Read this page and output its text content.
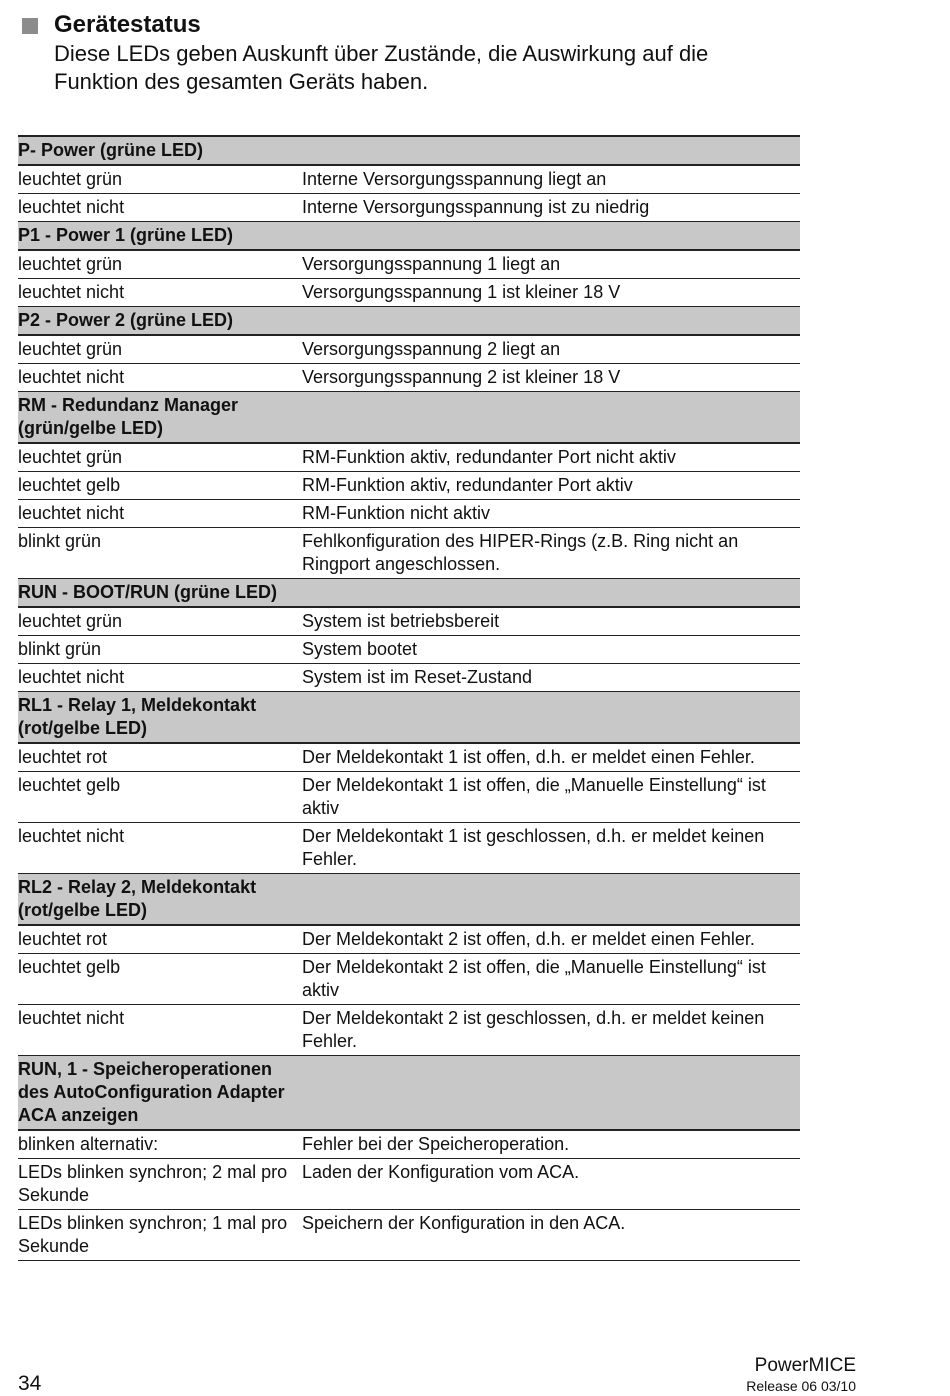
Gerätestatus

Diese LEDs geben Auskunft über Zustände, die Auswirkung auf die
Funktion des gesamten Geräts haben.

P- Power (grüne LED)	
leuchtet grün	Interne Versorgungsspannung liegt an
leuchtet nicht	Interne Versorgungsspannung ist zu niedrig
P1 - Power 1 (grüne LED)	
leuchtet grün	Versorgungsspannung 1 liegt an
leuchtet nicht	Versorgungsspannung 1 ist kleiner 18 V
P2 - Power 2 (grüne LED)	
leuchtet grün	Versorgungsspannung 2 liegt an
leuchtet nicht	Versorgungsspannung 2 ist kleiner 18 V
RM - Redundanz Manager (grün/gelbe LED)	
leuchtet grün	RM-Funktion aktiv, redundanter Port nicht aktiv
leuchtet gelb	RM-Funktion aktiv, redundanter Port aktiv
leuchtet nicht	RM-Funktion nicht aktiv
blinkt grün	Fehlkonfiguration des HIPER-Rings (z.B. Ring nicht an Ringport angeschlossen.
RUN - BOOT/RUN (grüne LED)	
leuchtet grün	System ist betriebsbereit
blinkt grün	System bootet
leuchtet nicht	System ist im Reset-Zustand
RL1 - Relay 1, Meldekontakt (rot/gelbe LED)	
leuchtet rot	Der Meldekontakt 1 ist offen, d.h. er meldet einen Fehler.
leuchtet gelb	Der Meldekontakt 1 ist offen, die „Manuelle Einstellung“ ist aktiv
leuchtet nicht	Der Meldekontakt 1 ist geschlossen, d.h. er meldet keinen Fehler.
RL2 - Relay 2, Meldekontakt (rot/gelbe LED)	
leuchtet rot	Der Meldekontakt 2 ist offen, d.h. er meldet einen Fehler.
leuchtet gelb	Der Meldekontakt 2 ist offen, die „Manuelle Einstellung“ ist aktiv
leuchtet nicht	Der Meldekontakt 2 ist geschlossen, d.h. er meldet keinen Fehler.
RUN, 1 - Speicheroperationen des AutoConfiguration Adapter ACA anzeigen	
blinken alternativ:	Fehler bei der Speicheroperation.
LEDs blinken synchron; 2 mal pro Sekunde	Laden der Konfiguration vom ACA.
LEDs blinken synchron; 1 mal pro Sekunde	Speichern der Konfiguration in den ACA.
34
PowerMICE
Release 06 03/10
